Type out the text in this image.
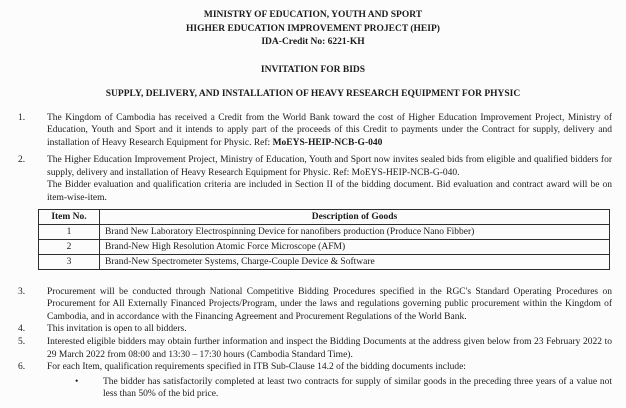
MINISTRY OF EDUCATION, YOUTH AND SPORT
HIGHER EDUCATION IMPROVEMENT PROJECT (HEIP)
IDA-Credit No: 6221-KH
INVITATION FOR BIDS
SUPPLY, DELIVERY, AND INSTALLATION OF HEAVY RESEARCH EQUIPMENT FOR PHYSIC
1. The Kingdom of Cambodia has received a Credit from the World Bank toward the cost of Higher Education Improvement Project, Ministry of Education, Youth and Sport and it intends to apply part of the proceeds of this Credit to payments under the Contract for supply, delivery and installation of Heavy Research Equipment for Physic. Ref: MoEYS-HEIP-NCB-G-040
2. The Higher Education Improvement Project, Ministry of Education, Youth and Sport now invites sealed bids from eligible and qualified bidders for supply, delivery and installation of Heavy Research Equipment for Physic. Ref: MoEYS-HEIP-NCB-G-040.
The Bidder evaluation and qualification criteria are included in Section II of the bidding document. Bid evaluation and contract award will be on item-wise-item.
Item No.	Description of Goods
1	Brand New Laboratory Electrospinning Device for nanofibers production (Produce Nano Fibber)
2	Brand-New High Resolution Atomic Force Microscope (AFM)
3	Brand-New Spectrometer Systems, Charge-Couple Device & Software
3. Procurement will be conducted through National Competitive Bidding Procedures specified in the RGC's Standard Operating Procedures on Procurement for All Externally Financed Projects/Program, under the laws and regulations governing public procurement within the Kingdom of Cambodia, and in accordance with the Financing Agreement and Procurement Regulations of the World Bank.
4. This invitation is open to all bidders.
5. Interested eligible bidders may obtain further information and inspect the Bidding Documents at the address given below from 23 February 2022 to 29 March 2022 from 08:00 and 13:30 – 17:30 hours (Cambodia Standard Time).
6. For each Item, qualification requirements specified in ITB Sub-Clause 14.2 of the bidding documents include:
•	The bidder has satisfactorily completed at least two contracts for supply of similar goods in the preceding three years of a value not less than 50% of the bid price.
